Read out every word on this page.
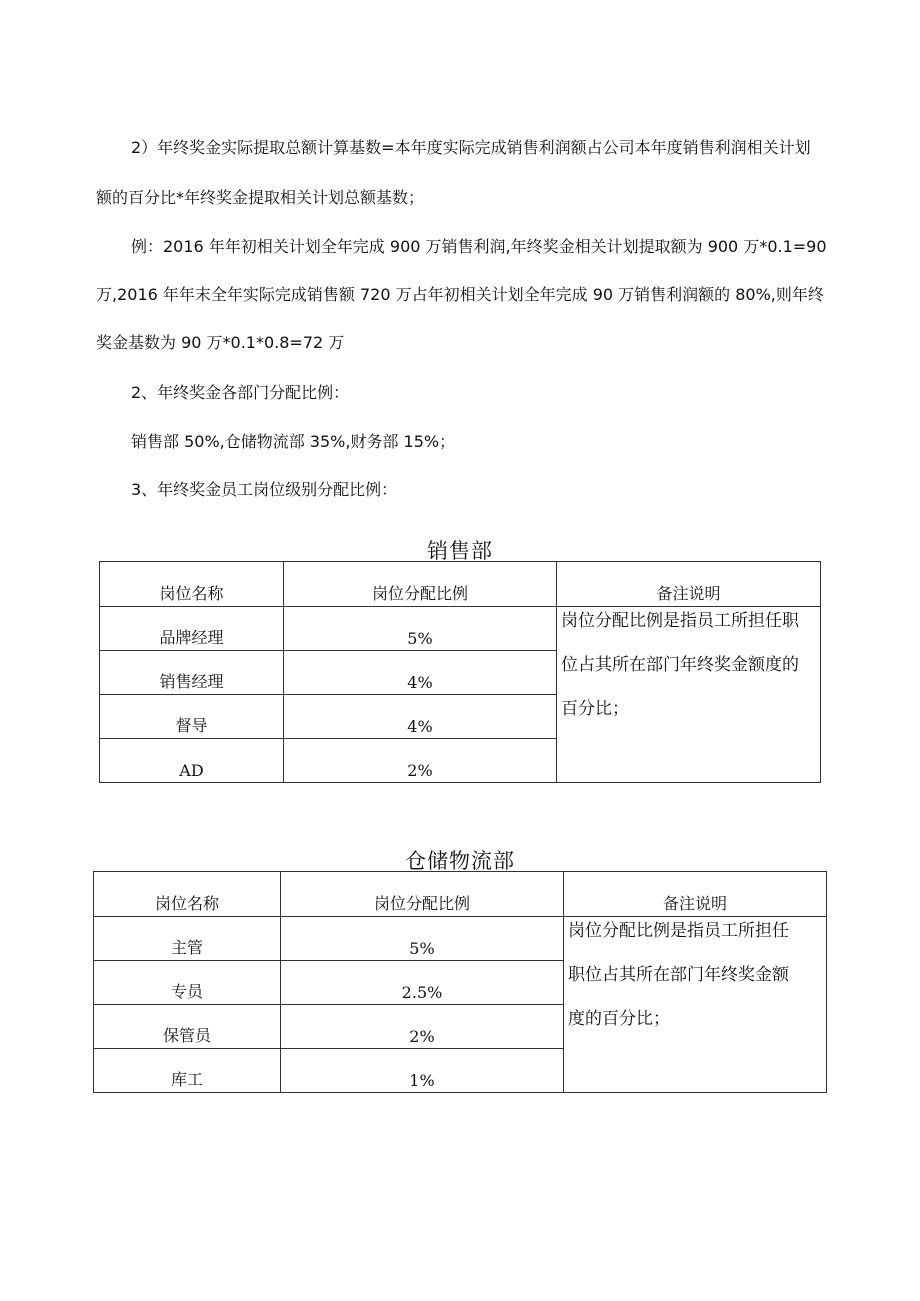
2）年终奖金实际提取总额计算基数=本年度实际完成销售利润额占公司本年度销售利润相关计划
额的百分比*年终奖金提取相关计划总额基数；
例：2016 年年初相关计划全年完成 900 万销售利润,年终奖金相关计划提取额为 900 万*0.1=90
万,2016 年年末全年实际完成销售额 720 万占年初相关计划全年完成 90 万销售利润额的 80%,则年终
奖金基数为 90 万*0.1*0.8=72 万
2、年终奖金各部门分配比例：
销售部 50%,仓储物流部 35%,财务部 15%；
3、年终奖金员工岗位级别分配比例：
销售部
岗位名称	岗位分配比例	备注说明
品牌经理	5%	岗位分配比例是指员工所担任职
位占其所在部门年终奖金额度的
百分比；

销售经理	4%	
督导	4%	
AD	2%	
仓储物流部
岗位名称	岗位分配比例	备注说明
主管	5%	岗位分配比例是指员工所担任
职位占其所在部门年终奖金额
度的百分比；

专员	2.5%	
保管员	2%	
库工	1%	
